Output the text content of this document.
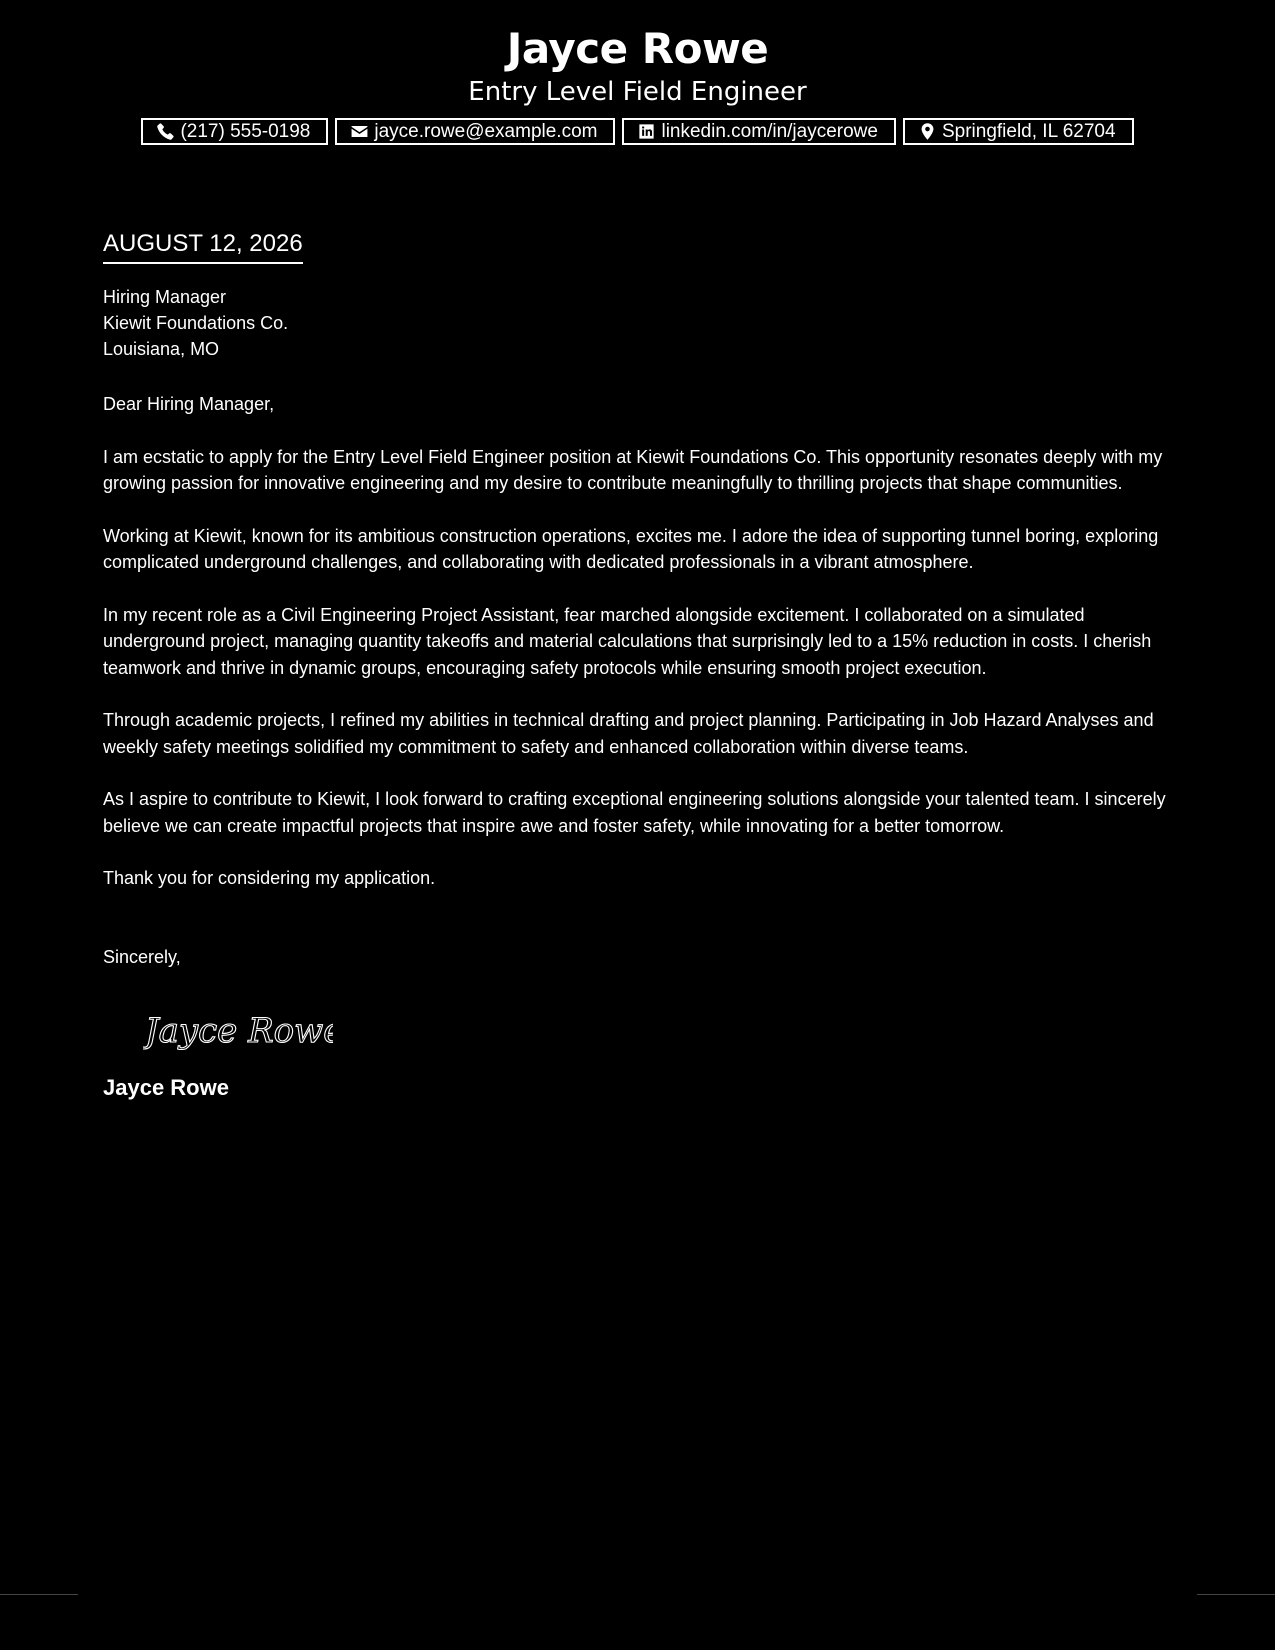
Jayce Rowe
Entry Level Field Engineer
(217) 555-0198	jayce.rowe@example.com	linkedin.com/in/jaycerowe	Springfield, IL 62704
AUGUST 12, 2026
Hiring Manager
Kiewit Foundations Co.
Louisiana, MO
Dear Hiring Manager,

I am ecstatic to apply for the Entry Level Field Engineer position at Kiewit Foundations Co. This opportunity resonates deeply with my growing passion for innovative engineering and my desire to contribute meaningfully to thrilling projects that shape communities.

Working at Kiewit, known for its ambitious construction operations, excites me. I adore the idea of supporting tunnel boring, exploring complicated underground challenges, and collaborating with dedicated professionals in a vibrant atmosphere.

In my recent role as a Civil Engineering Project Assistant, fear marched alongside excitement. I collaborated on a simulated underground project, managing quantity takeoffs and material calculations that surprisingly led to a 15% reduction in costs. I cherish teamwork and thrive in dynamic groups, encouraging safety protocols while ensuring smooth project execution.

Through academic projects, I refined my abilities in technical drafting and project planning. Participating in Job Hazard Analyses and weekly safety meetings solidified my commitment to safety and enhanced collaboration within diverse teams.

As I aspire to contribute to Kiewit, I look forward to crafting exceptional engineering solutions alongside your talented team. I sincerely believe we can create impactful projects that inspire awe and foster safety, while innovating for a better tomorrow.

Thank you for considering my application.

Sincerely,
Jayce Rowe
Jayce Rowe
